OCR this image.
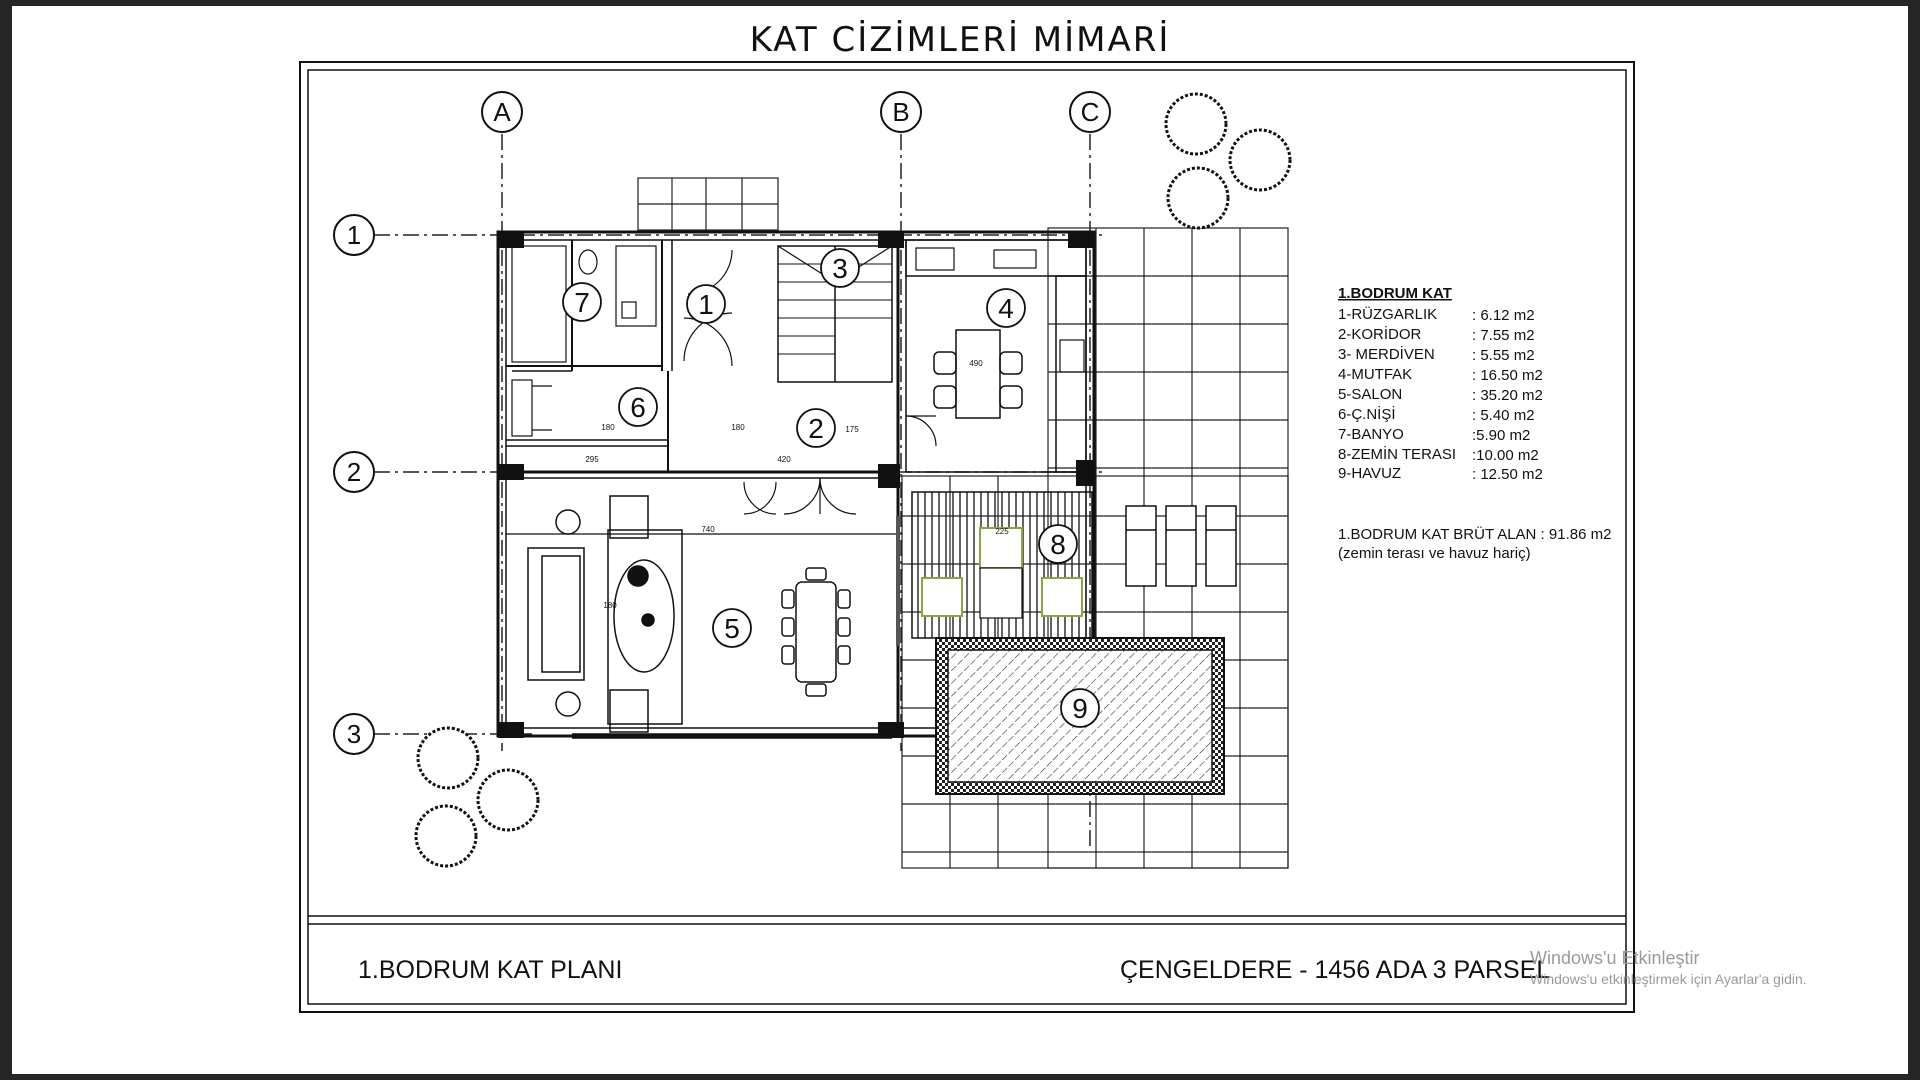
KAT CİZİMLERİ MİMARİ
A	B	C
1
2
3
1
2
3
4
5
6
7
8
9
740
420
295
175
180	180
490
225
180
1.BODRUM KAT
1-RÜZGARLIK : 6.12 m2
2-KORİDOR	: 7.55 m2
3- MERDİVEN : 5.55 m2
4-MUTFAK	: 16.50 m2
5-SALON	: 35.20 m2
6-Ç.NİŞİ	: 5.40 m2
7-BANYO	:5.90 m2
8-ZEMİN TERASI :10.00 m2
9-HAVUZ	: 12.50 m2
1.BODRUM KAT BRÜT ALAN : 91.86 m2
(zemin terası ve havuz hariç)
1.BODRUM KAT PLANI	ÇENGELDERE - 1456 ADA 3 PARSEL
Windows'u Etkinleştir
Windows'u etkinleştirmek için Ayarlar'a gidin.
